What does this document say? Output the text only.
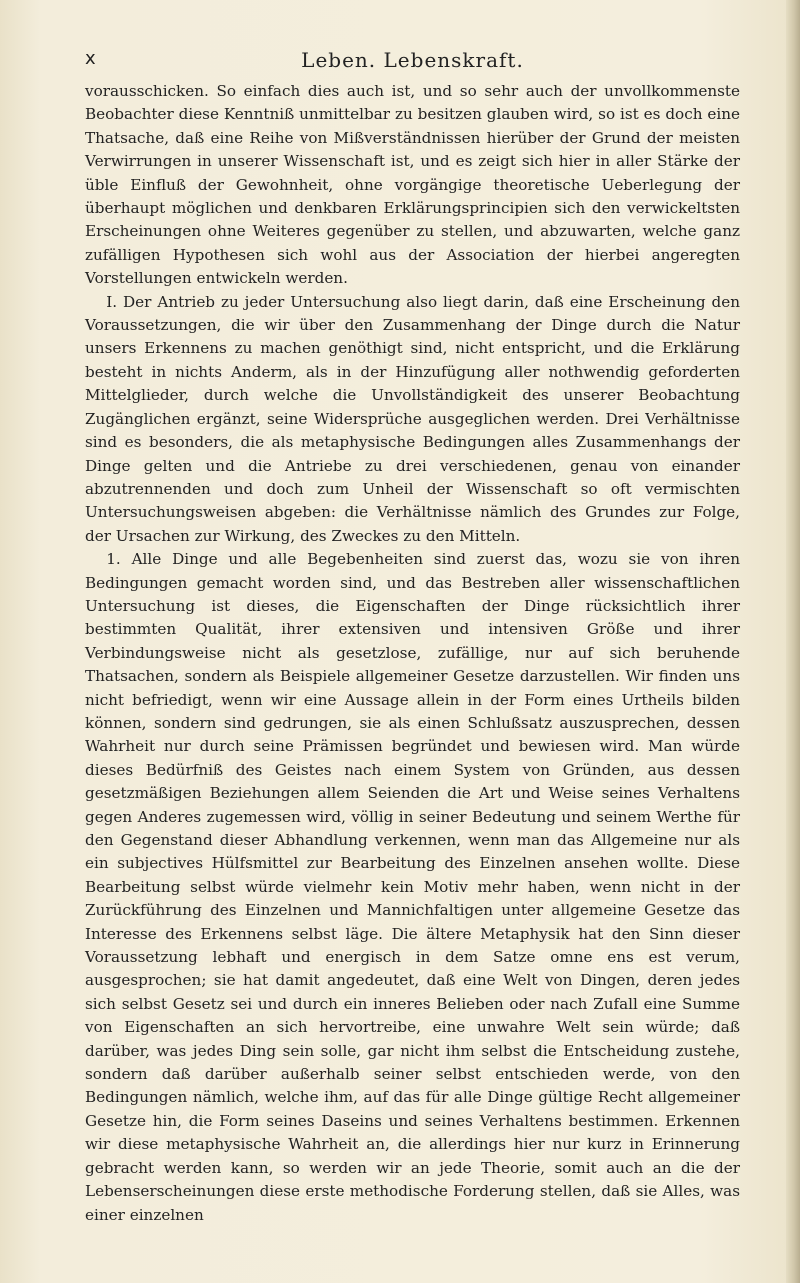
x	Leben. Lebenskraft.

vorausschicken. So einfach dies auch ist, und so sehr auch der unvollkommenste Beobachter diese Kenntniß unmittelbar zu besitzen glauben wird, so ist es doch eine Thatsache, daß eine Reihe von Mißverständnissen hierüber der Grund der meisten Verwirrungen in unserer Wissenschaft ist, und es zeigt sich hier in aller Stärke der üble Einfluß der Gewohnheit, ohne vorgängige theoretische Ueberlegung der überhaupt möglichen und denkbaren Erklärungsprincipien sich den verwickeltsten Erscheinungen ohne Weiteres gegenüber zu stellen, und abzuwarten, welche ganz zufälligen Hypothesen sich wohl aus der Association der hierbei angeregten Vorstellungen entwickeln werden.

I. Der Antrieb zu jeder Untersuchung also liegt darin, daß eine Erscheinung den Voraussetzungen, die wir über den Zusammenhang der Dinge durch die Natur unsers Erkennens zu machen genöthigt sind, nicht entspricht, und die Erklärung besteht in nichts Anderm, als in der Hinzufügung aller nothwendig geforderten Mittelglieder, durch welche die Unvollständigkeit des unserer Beobachtung Zugänglichen ergänzt, seine Widersprüche ausgeglichen werden. Drei Verhältnisse sind es besonders, die als metaphysische Bedingungen alles Zusammenhangs der Dinge gelten und die Antriebe zu drei verschiedenen, genau von einander abzutrennenden und doch zum Unheil der Wissenschaft so oft vermischten Untersuchungsweisen abgeben: die Verhältnisse nämlich des Grundes zur Folge, der Ursachen zur Wirkung, des Zweckes zu den Mitteln.

1. Alle Dinge und alle Begebenheiten sind zuerst das, wozu sie von ihren Bedingungen gemacht worden sind, und das Bestreben aller wissenschaftlichen Untersuchung ist dieses, die Eigenschaften der Dinge rücksichtlich ihrer bestimmten Qualität, ihrer extensiven und intensiven Größe und ihrer Verbindungsweise nicht als gesetzlose, zufällige, nur auf sich beruhende Thatsachen, sondern als Beispiele allgemeiner Gesetze darzustellen. Wir finden uns nicht befriedigt, wenn wir eine Aussage allein in der Form eines Urtheils bilden können, sondern sind gedrungen, sie als einen Schlußsatz auszusprechen, dessen Wahrheit nur durch seine Prämissen begründet und bewiesen wird. Man würde dieses Bedürfniß des Geistes nach einem System von Gründen, aus dessen gesetzmäßigen Beziehungen allem Seienden die Art und Weise seines Verhaltens gegen Anderes zugemessen wird, völlig in seiner Bedeutung und seinem Werthe für den Gegenstand dieser Abhandlung verkennen, wenn man das Allgemeine nur als ein subjectives Hülfsmittel zur Bearbeitung des Einzelnen ansehen wollte. Diese Bearbeitung selbst würde vielmehr kein Motiv mehr haben, wenn nicht in der Zurückführung des Einzelnen und Mannichfaltigen unter allgemeine Gesetze das Interesse des Erkennens selbst läge. Die ältere Metaphysik hat den Sinn dieser Voraussetzung lebhaft und energisch in dem Satze omne ens est verum, ausgesprochen; sie hat damit angedeutet, daß eine Welt von Dingen, deren jedes sich selbst Gesetz sei und durch ein inneres Belieben oder nach Zufall eine Summe von Eigenschaften an sich hervortreibe, eine unwahre Welt sein würde; daß darüber, was jedes Ding sein solle, gar nicht ihm selbst die Entscheidung zustehe, sondern daß darüber außerhalb seiner selbst entschieden werde, von den Bedingungen nämlich, welche ihm, auf das für alle Dinge gültige Recht allgemeiner Gesetze hin, die Form seines Daseins und seines Verhaltens bestimmen. Erkennen wir diese metaphysische Wahrheit an, die allerdings hier nur kurz in Erinnerung gebracht werden kann, so werden wir an jede Theorie, somit auch an die der Lebenserscheinungen diese erste methodische Forderung stellen, daß sie Alles, was einer einzelnen
